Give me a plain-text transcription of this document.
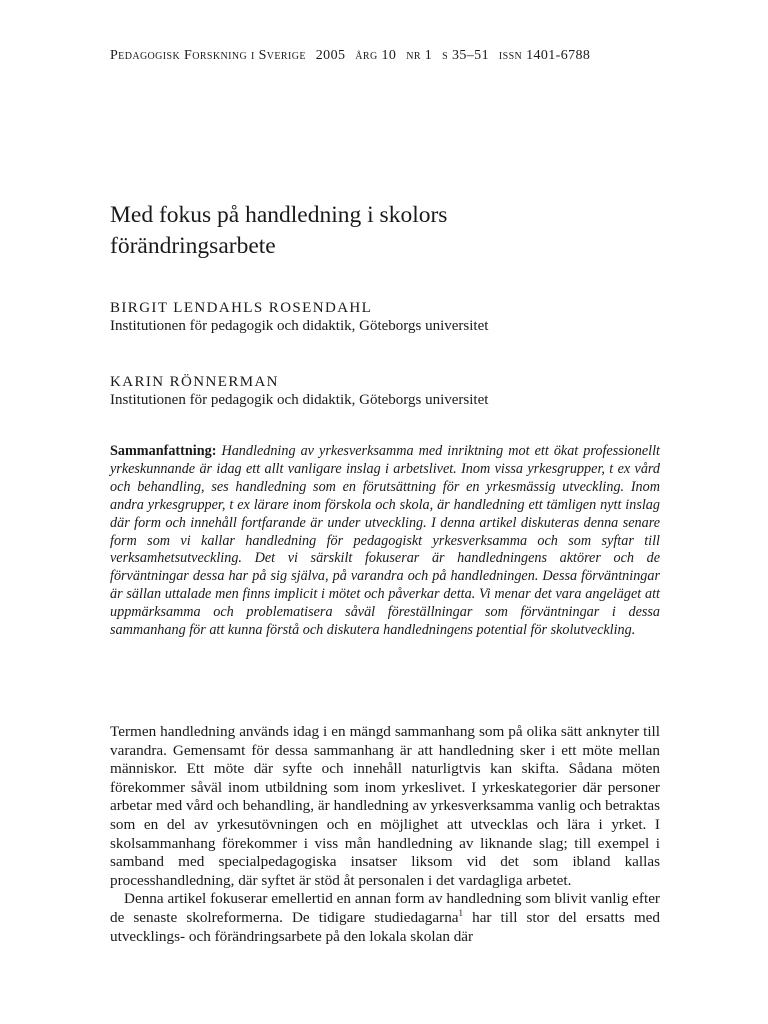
Pedagogisk Forskning i Sverige 2005 årg 10 nr 1 s 35–51 issn 1401-6788
Med fokus på handledning i skolors
förändringsarbete
BIRGIT LENDAHLS ROSENDAHL
Institutionen för pedagogik och didaktik, Göteborgs universitet
KARIN RÖNNERMAN
Institutionen för pedagogik och didaktik, Göteborgs universitet

Sammanfattning: Handledning av yrkesverksamma med inriktning mot ett ökat professionellt yrkeskunnande är idag ett allt vanligare inslag i arbetslivet. Inom vissa yrkesgrupper, t ex vård och behandling, ses handledning som en förutsättning för en yrkesmässig utveckling. Inom andra yrkesgrupper, t ex lärare inom förskola och skola, är handledning ett tämligen nytt inslag där form och innehåll fortfarande är under utveckling. I denna artikel diskuteras denna senare form som vi kallar handledning för pedagogiskt yrkesverksamma och som syftar till verksamhetsutveckling. Det vi särskilt fokuserar är handledningens aktörer och de förväntningar dessa har på sig själva, på varandra och på handledningen. Dessa förväntningar är sällan uttalade men finns implicit i mötet och påverkar detta. Vi menar det vara angeläget att uppmärksamma och problematisera såväl föreställningar som förväntningar i dessa sammanhang för att kunna förstå och diskutera handledningens potential för skolutveckling.

Termen handledning används idag i en mängd sammanhang som på olika sätt anknyter till varandra. Gemensamt för dessa sammanhang är att handledning sker i ett möte mellan människor. Ett möte där syfte och innehåll naturligtvis kan skifta. Sådana möten förekommer såväl inom utbildning som inom yrkeslivet. I yrkeskategorier där personer arbetar med vård och behandling, är handledning av yrkesverksamma vanlig och betraktas som en del av yrkesutövningen och en möjlighet att utvecklas och lära i yrket. I skolsammanhang förekommer i viss mån handledning av liknande slag; till exempel i samband med specialpedagogiska insatser liksom vid det som ibland kallas processhandledning, där syftet är stöd åt personalen i det vardagliga arbetet.

Denna artikel fokuserar emellertid en annan form av handledning som blivit vanlig efter de senaste skolreformerna. De tidigare studiedagarna$^1$ har till stor del ersatts med utvecklings- och förändringsarbete på den lokala skolan där
